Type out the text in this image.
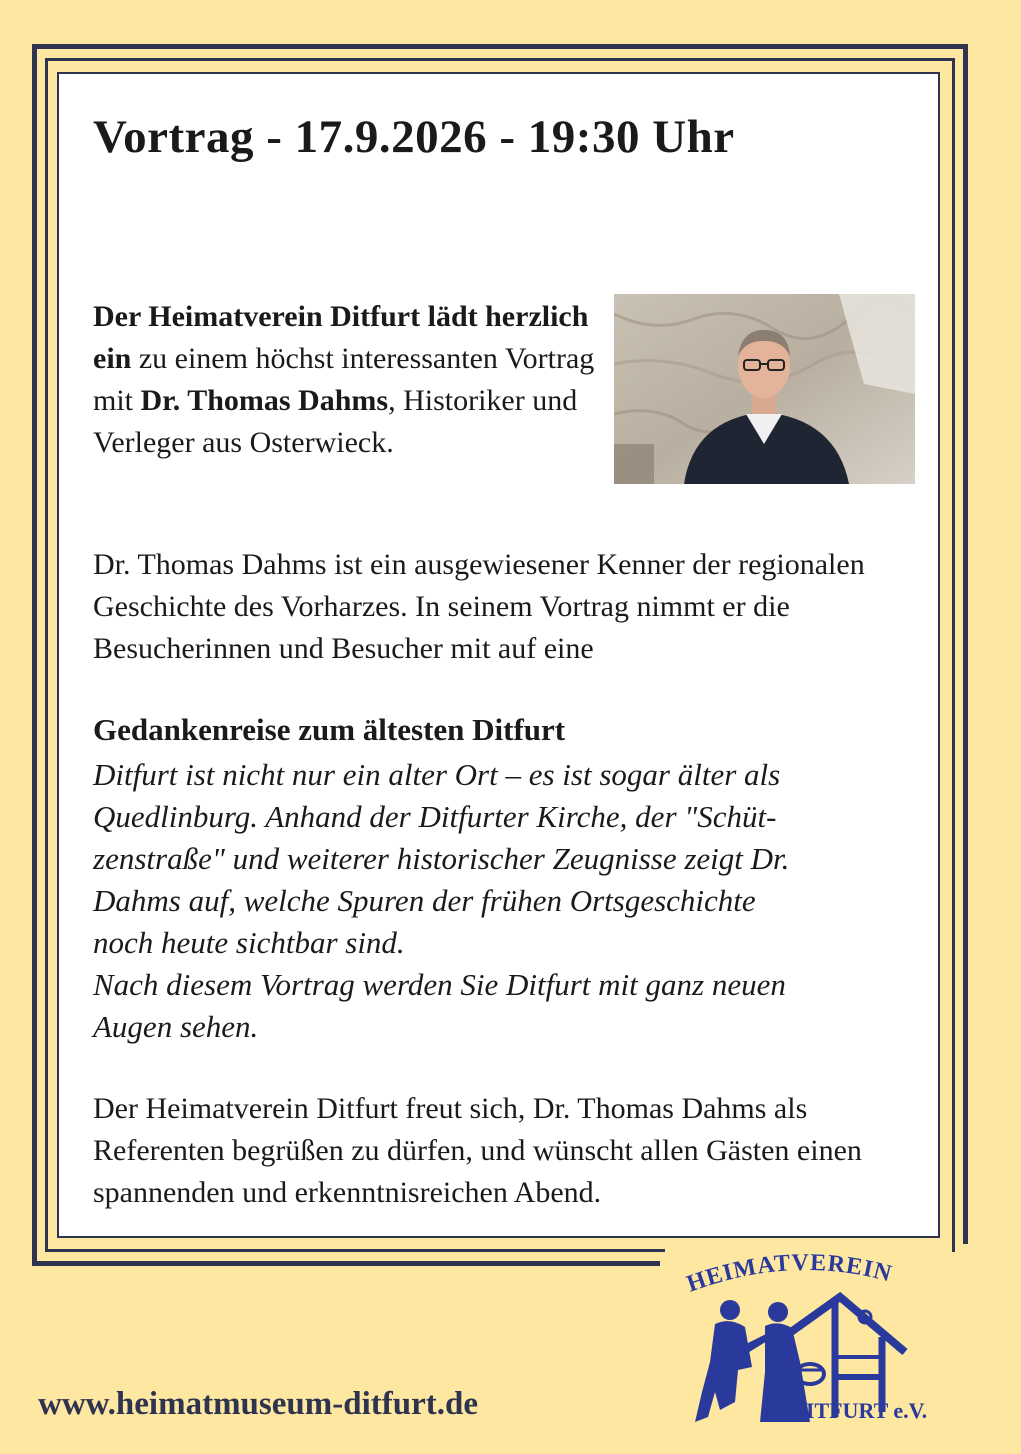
Vortrag - 17.9.2026 - 19:30 Uhr
Der Heimatverein Ditfurt lädt herzlich ein zu einem höchst interessanten Vortrag mit Dr. Thomas Dahms, Historiker und Verleger aus Osterwieck.
Dr. Thomas Dahms ist ein ausgewiesener Kenner der regionalen Geschichte des Vorharzes. In seinem Vortrag nimmt er die Besucherinnen und Besucher mit auf eine
Gedankenreise zum ältesten Ditfurt
Ditfurt ist nicht nur ein alter Ort – es ist sogar älter als
Quedlinburg. Anhand der Ditfurter Kirche, der "Schüt-
zenstraße" und weiterer historischer Zeugnisse zeigt Dr.
Dahms auf, welche Spuren der frühen Ortsgeschichte
noch heute sichtbar sind.
Nach diesem Vortrag werden Sie Ditfurt mit ganz neuen
Augen sehen.
Der Heimatverein Ditfurt freut sich, Dr. Thomas Dahms als Referenten begrüßen zu dürfen, und wünscht allen Gästen einen spannenden und erkenntnisreichen Abend.

www.heimatmuseum-ditfurt.de

HEIMATVEREIN
DITFURT e.V.
